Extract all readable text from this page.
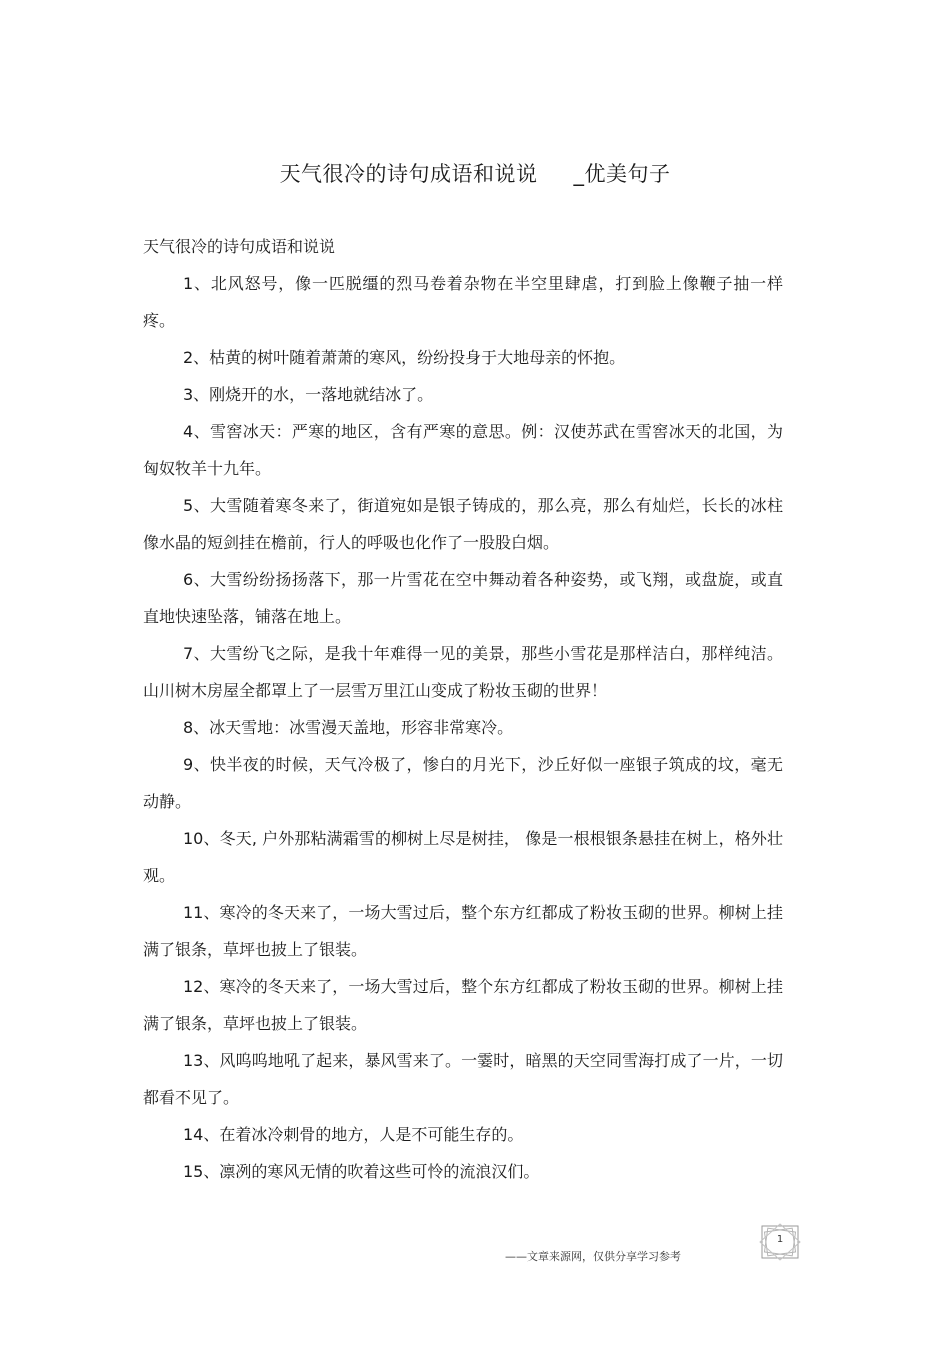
天气很冷的诗句成语和说说     _优美句子

天气很冷的诗句成语和说说

1、北风怒号，像一匹脱缰的烈马卷着杂物在半空里肆虐，打到脸上像鞭子抽一样疼。

2、枯黄的树叶随着萧萧的寒风，纷纷投身于大地母亲的怀抱。

3、刚烧开的水，一落地就结冰了。

4、雪窖冰天：严寒的地区，含有严寒的意思。例：汉使苏武在雪窖冰天的北国，为匈奴牧羊十九年。

5、大雪随着寒冬来了，街道宛如是银子铸成的，那么亮，那么有灿烂，长长的冰柱像水晶的短剑挂在檐前，行人的呼吸也化作了一股股白烟。

6、大雪纷纷扬扬落下，那一片雪花在空中舞动着各种姿势，或飞翔，或盘旋，或直直地快速坠落，铺落在地上。

7、大雪纷飞之际，是我十年难得一见的美景，那些小雪花是那样洁白，那样纯洁。山川树木房屋全都罩上了一层雪万里江山变成了粉妆玉砌的世界！

8、冰天雪地：冰雪漫天盖地，形容非常寒冷。

9、快半夜的时候，天气冷极了，惨白的月光下，沙丘好似一座银子筑成的坟，毫无动静。

10、冬天, 户外那粘满霜雪的柳树上尽是树挂， 像是一根根银条悬挂在树上，格外壮观。

11、寒冷的冬天来了，一场大雪过后，整个东方红都成了粉妆玉砌的世界。柳树上挂满了银条，草坪也披上了银装。

12、寒冷的冬天来了，一场大雪过后，整个东方红都成了粉妆玉砌的世界。柳树上挂满了银条，草坪也披上了银装。

13、风呜呜地吼了起来，暴风雪来了。一霎时，暗黑的天空同雪海打成了一片，一切都看不见了。

14、在着冰冷刺骨的地方，人是不可能生存的。

15、凛冽的寒风无情的吹着这些可怜的流浪汉们。

——文章来源网，仅供分享学习参考
1
